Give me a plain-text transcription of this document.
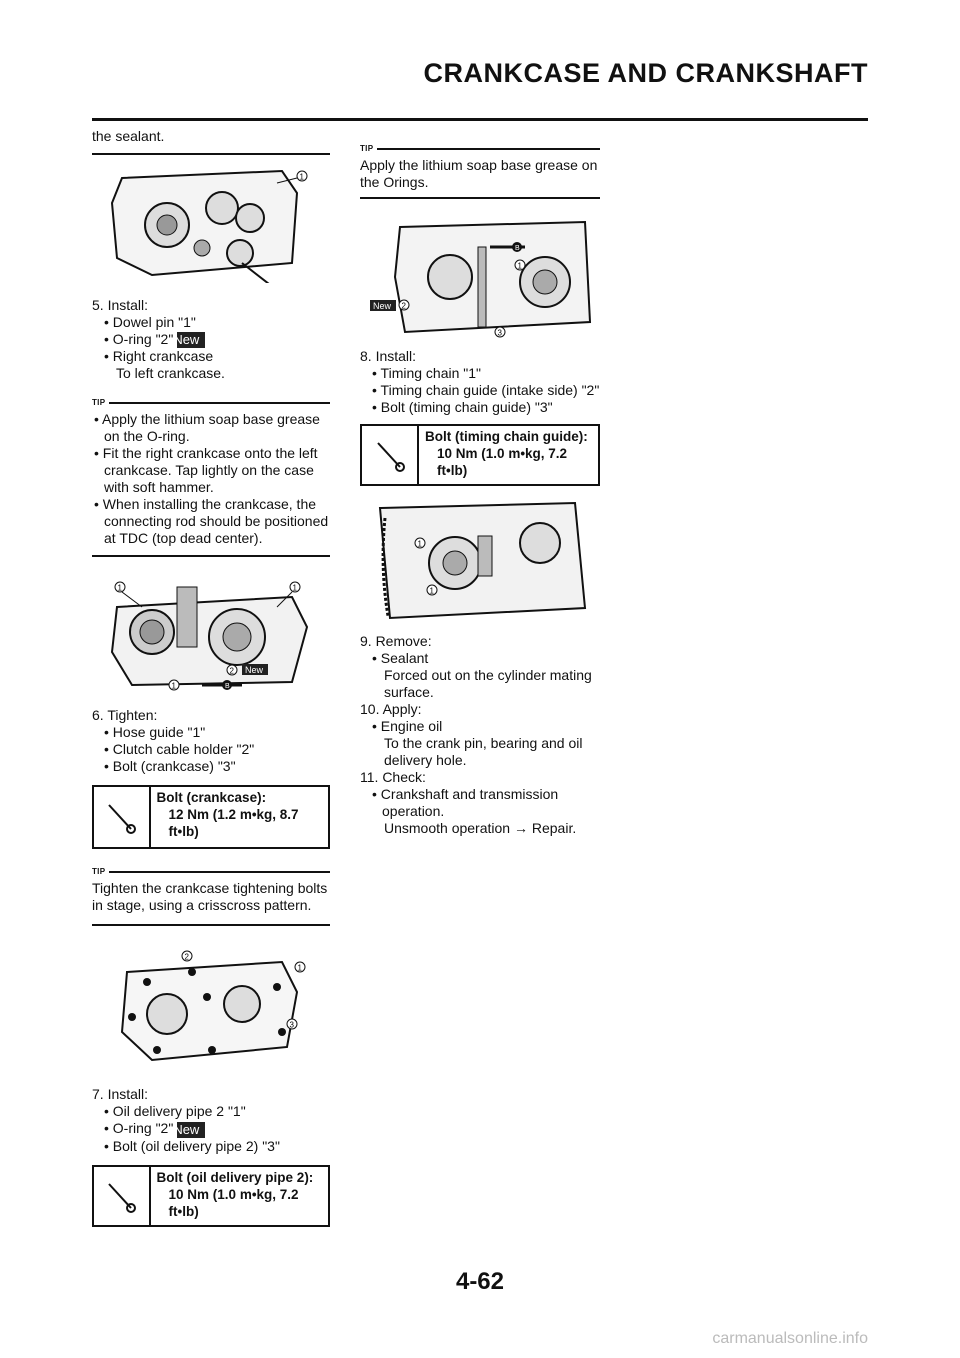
CRANKCASE AND CRANKSHAFT

the sealant.

1

5. Install:

• Dowel pin "1"

• O-ring "2"New

• Right crankcase

To left crankcase.

TIP

• Apply the lithium soap base grease on the O-ring.

• Fit the right crankcase onto the left crankcase. Tap lightly on the case with soft hammer.

• When installing the crankcase, the connecting rod should be positioned at TDC (top dead center).

1	1
2 New
1	B

6. Tighten:

• Hose guide "1"

• Clutch cable holder "2"

• Bolt (crankcase) "3"

Bolt (crankcase):
12 Nm (1.2 m•kg, 8.7 ft•lb)
TIP

Tighten the crankcase tightening bolts in stage, using a crisscross pattern.

2
1
3

7. Install:

• Oil delivery pipe 2 "1"

• O-ring "2"New

• Bolt (oil delivery pipe 2) "3"

Bolt (oil delivery pipe 2):
10 Nm (1.0 m•kg, 7.2 ft•lb)
TIP

Apply the lithium soap base grease on the Orings.

B
1
New 2
3

8. Install:

• Timing chain "1"

• Timing chain guide (intake side) "2"

• Bolt (timing chain guide) "3"

Bolt (timing chain guide):
10 Nm (1.0 m•kg, 7.2 ft•lb)
1
1

9. Remove:

• Sealant

Forced out on the cylinder mating surface.

10. Apply:

• Engine oil

To the crank pin, bearing and oil delivery hole.

11. Check:

• Crankshaft and transmission operation.

Unsmooth operation → Repair.

4-62
carmanualsonline.info
